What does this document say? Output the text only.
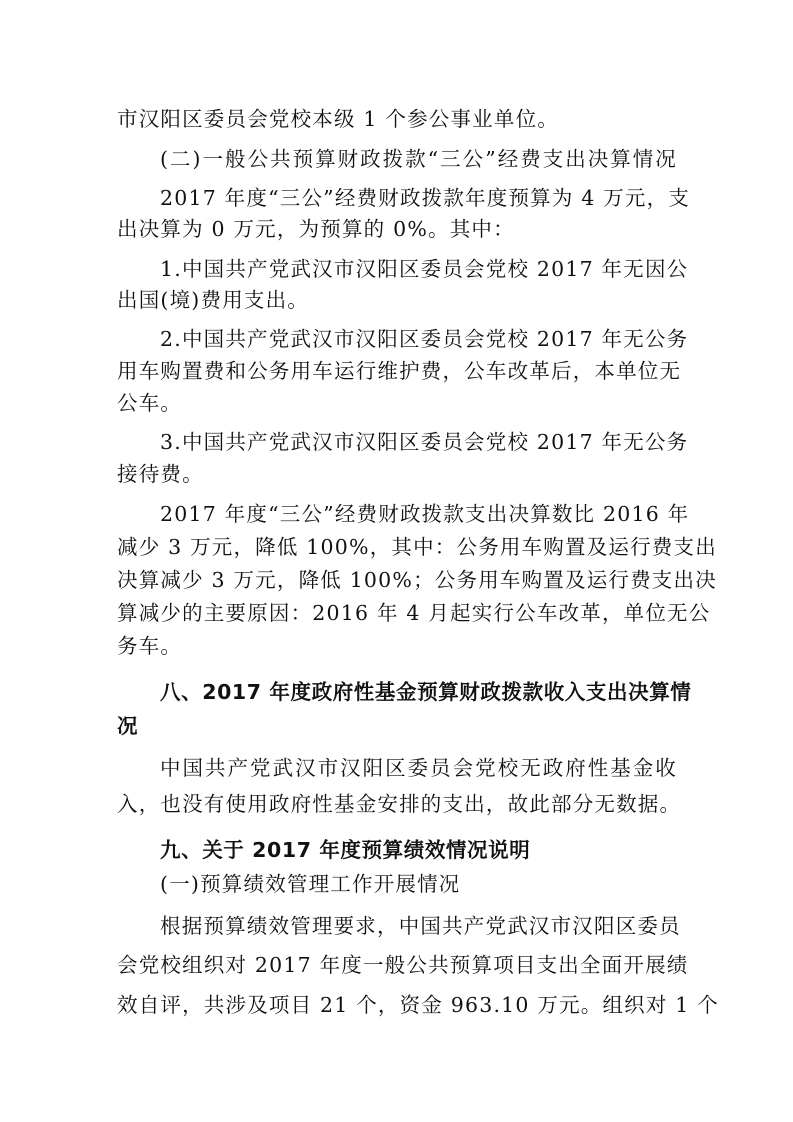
市汉阳区委员会党校本级 1 个参公事业单位。
(二)一般公共预算财政拨款“三公”经费支出决算情况
2017 年度“三公”经费财政拨款年度预算为 4 万元，支
出决算为 0 万元，为预算的 0%。其中：
1.中国共产党武汉市汉阳区委员会党校 2017 年无因公
出国(境)费用支出。
2.中国共产党武汉市汉阳区委员会党校 2017 年无公务
用车购置费和公务用车运行维护费，公车改革后，本单位无
公车。
3.中国共产党武汉市汉阳区委员会党校 2017 年无公务
接待费。
2017 年度“三公”经费财政拨款支出决算数比 2016 年
减少 3 万元，降低 100%，其中：公务用车购置及运行费支出
决算减少 3 万元，降低 100%；公务用车购置及运行费支出决
算减少的主要原因：2016 年 4 月起实行公车改革，单位无公
务车。
八、2017 年度政府性基金预算财政拨款收入支出决算情
况
中国共产党武汉市汉阳区委员会党校无政府性基金收
入，也没有使用政府性基金安排的支出，故此部分无数据。
九、关于 2017 年度预算绩效情况说明
(一)预算绩效管理工作开展情况
根据预算绩效管理要求，中国共产党武汉市汉阳区委员
会党校组织对 2017 年度一般公共预算项目支出全面开展绩
效自评，共涉及项目 21 个，资金 963.10 万元。组织对 1 个
